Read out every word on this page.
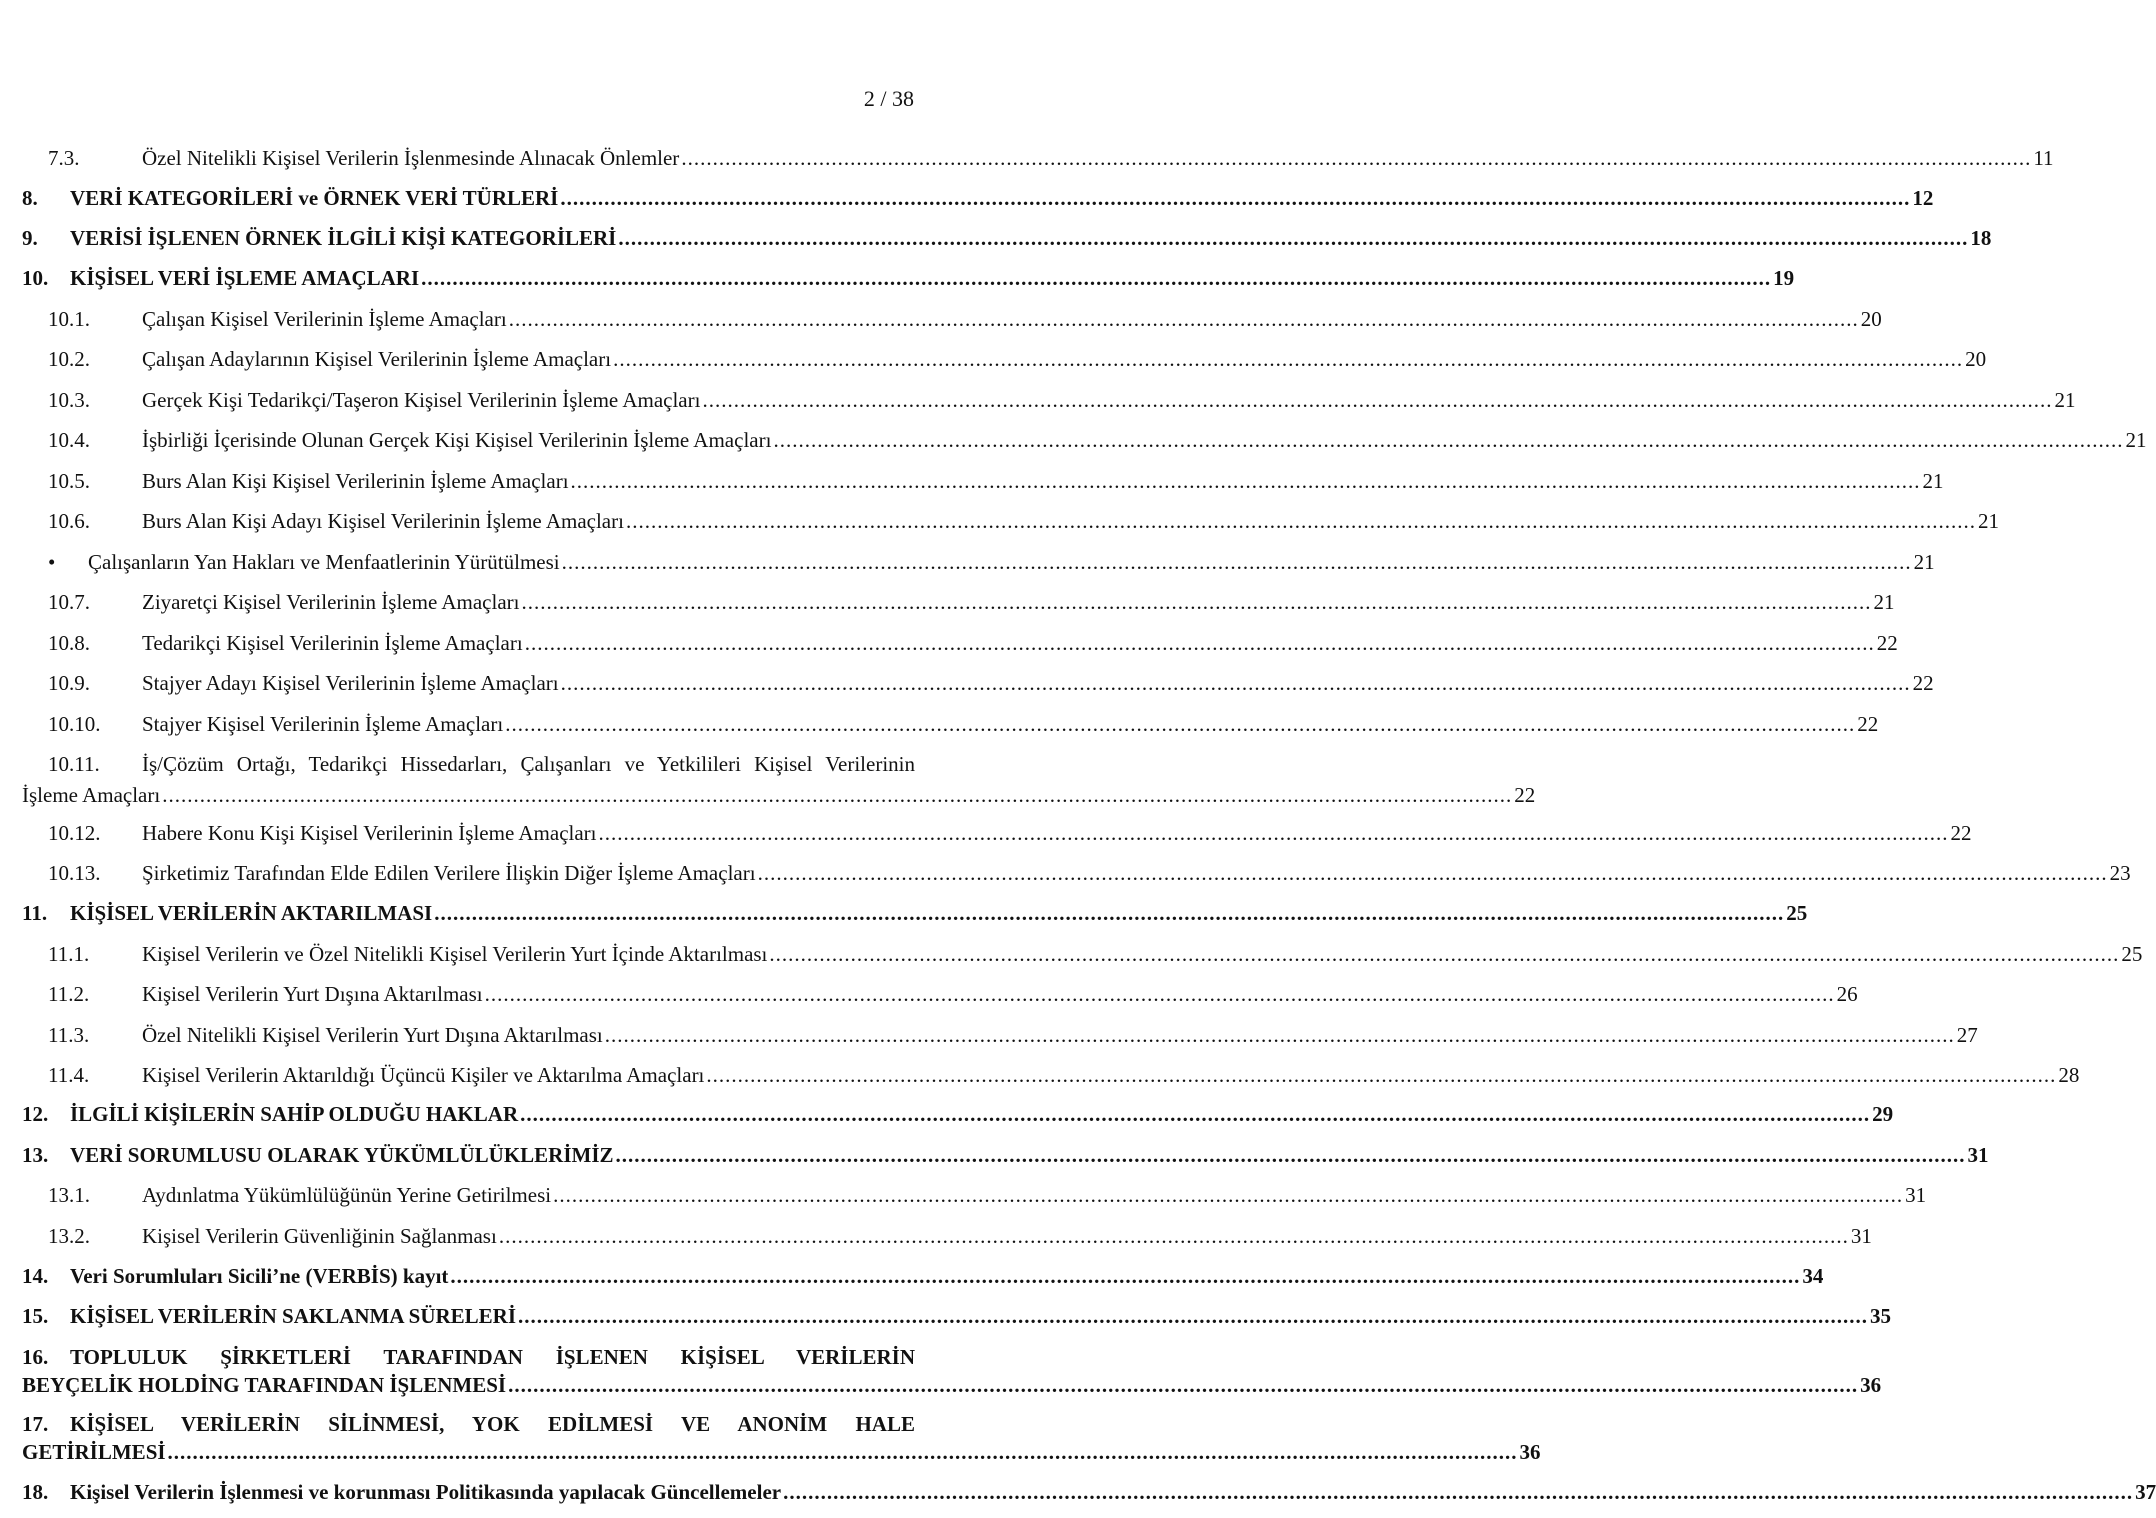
2 / 38
7.3.	Özel Nitelikli Kişisel Verilerin İşlenmesinde Alınacak Önlemler .....	11
8.	VERİ KATEGORİLERİ ve ÖRNEK VERİ TÜRLERİ .....	12
9.	VERİSİ İŞLENEN ÖRNEK İLGİLİ KİŞİ KATEGORİLERİ .....	18
10.	KİŞİSEL VERİ İŞLEME AMAÇLARI .....	19
10.1.	Çalışan Kişisel Verilerinin İşleme Amaçları .....	20
10.2.	Çalışan Adaylarının Kişisel Verilerinin İşleme Amaçları .....	20
10.3.	Gerçek Kişi Tedarikçi/Taşeron Kişisel Verilerinin İşleme Amaçları .....	21
10.4.	İşbirliği İçerisinde Olunan Gerçek Kişi Kişisel Verilerinin İşleme Amaçları .....	21
10.5.	Burs Alan Kişi Kişisel Verilerinin İşleme Amaçları .....	21
10.6.	Burs Alan Kişi Adayı Kişisel Verilerinin İşleme Amaçları .....	21
•	Çalışanların Yan Hakları ve Menfaatlerinin Yürütülmesi .....	21
10.7.	Ziyaretçi Kişisel Verilerinin İşleme Amaçları .....	21
10.8.	Tedarikçi Kişisel Verilerinin İşleme Amaçları .....	22
10.9.	Stajyer Adayı Kişisel Verilerinin İşleme Amaçları .....	22
10.10.	Stajyer Kişisel Verilerinin İşleme Amaçları .....	22
10.11.	İş/Çözüm Ortağı, Tedarikçi Hissedarları, Çalışanları ve Yetkilileri Kişisel Verilerinin
İşleme Amaçları .....	22
10.12.	Habere Konu Kişi Kişisel Verilerinin İşleme Amaçları .....	22
10.13.	Şirketimiz Tarafından Elde Edilen Verilere İlişkin Diğer İşleme Amaçları .....	23
11.	KİŞİSEL VERİLERİN AKTARILMASI .....	25
11.1.	Kişisel Verilerin ve Özel Nitelikli Kişisel Verilerin Yurt İçinde Aktarılması .....	25
11.2.	Kişisel Verilerin Yurt Dışına Aktarılması .....	26
11.3.	Özel Nitelikli Kişisel Verilerin Yurt Dışına Aktarılması .....	27
11.4.	Kişisel Verilerin Aktarıldığı Üçüncü Kişiler ve Aktarılma Amaçları .....	28
12.	İLGİLİ KİŞİLERİN SAHİP OLDUĞU HAKLAR .....	29
13.	VERİ SORUMLUSU OLARAK YÜKÜMLÜLÜKLERİMİZ .....	31
13.1.	Aydınlatma Yükümlülüğünün Yerine Getirilmesi .....	31
13.2.	Kişisel Verilerin Güvenliğinin Sağlanması .....	31
14.	Veri Sorumluları Sicili’ne (VERBİS) kayıt .....	34
15.	KİŞİSEL VERİLERİN SAKLANMA SÜRELERİ .....	35
16.	TOPLULUK ŞİRKETLERİ TARAFINDAN İŞLENEN KİŞİSEL VERİLERİN
BEYÇELİK HOLDİNG TARAFINDAN İŞLENMESİ .....	36
17.	KİŞİSEL VERİLERİN SİLİNMESİ, YOK EDİLMESİ VE ANONİM HALE
GETİRİLMESİ .....	36
18.	Kişisel Verilerin İşlenmesi ve korunması Politikasında yapılacak Güncellemeler .....	37
